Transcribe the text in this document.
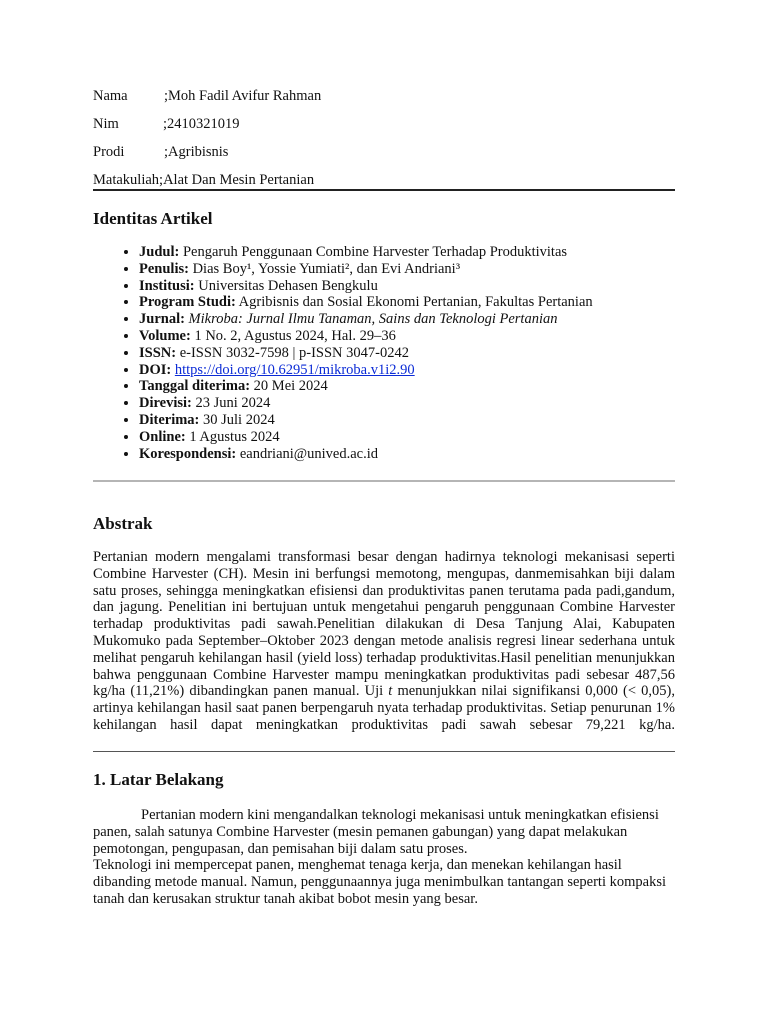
Nama	;Moh Fadil Avifur Rahman
Nim	;2410321019
Prodi	;Agribisnis
Matakuliah;Alat Dan Mesin Pertanian
Identitas Artikel
• Judul: Pengaruh Penggunaan Combine Harvester Terhadap Produktivitas
• Penulis: Dias Boy¹, Yossie Yumiati², dan Evi Andriani³
• Institusi: Universitas Dehasen Bengkulu
• Program Studi: Agribisnis dan Sosial Ekonomi Pertanian, Fakultas Pertanian
• Jurnal: Mikroba: Jurnal Ilmu Tanaman, Sains dan Teknologi Pertanian
• Volume: 1 No. 2, Agustus 2024, Hal. 29–36
• ISSN: e-ISSN 3032-7598 | p-ISSN 3047-0242
• DOI: https://doi.org/10.62951/mikroba.v1i2.90
• Tanggal diterima: 20 Mei 2024
• Direvisi: 23 Juni 2024
• Diterima: 30 Juli 2024
• Online: 1 Agustus 2024
• Korespondensi: eandriani@unived.ac.id
Abstrak

Pertanian modern mengalami transformasi besar dengan hadirnya teknologi mekanisasi seperti Combine Harvester (CH). Mesin ini berfungsi memotong, mengupas, danmemisahkan biji dalam satu proses, sehingga meningkatkan efisiensi dan produktivitas panen terutama pada padi,gandum, dan jagung. Penelitian ini bertujuan untuk mengetahui pengaruh penggunaan Combine Harvester terhadap produktivitas padi sawah.Penelitian dilakukan di Desa Tanjung Alai, Kabupaten Mukomuko pada September–Oktober 2023 dengan metode analisis regresi linear sederhana untuk melihat pengaruh kehilangan hasil (yield loss) terhadap produktivitas.Hasil penelitian menunjukkan bahwa penggunaan Combine Harvester mampu meningkatkan produktivitas padi sebesar 487,56 kg/ha (11,21%) dibandingkan panen manual. Uji t menunjukkan nilai signifikansi 0,000 (< 0,05), artinya kehilangan hasil saat panen berpengaruh nyata terhadap produktivitas. Setiap penurunan 1% kehilangan hasil dapat meningkatkan produktivitas padi sawah sebesar 79,221 kg/ha.

1. Latar Belakang

Pertanian modern kini mengandalkan teknologi mekanisasi untuk meningkatkan efisiensi panen, salah satunya Combine Harvester (mesin pemanen gabungan) yang dapat melakukan pemotongan, pengupasan, dan pemisahan biji dalam satu proses.
Teknologi ini mempercepat panen, menghemat tenaga kerja, dan menekan kehilangan hasil dibanding metode manual. Namun, penggunaannya juga menimbulkan tantangan seperti kompaksi tanah dan kerusakan struktur tanah akibat bobot mesin yang besar.
